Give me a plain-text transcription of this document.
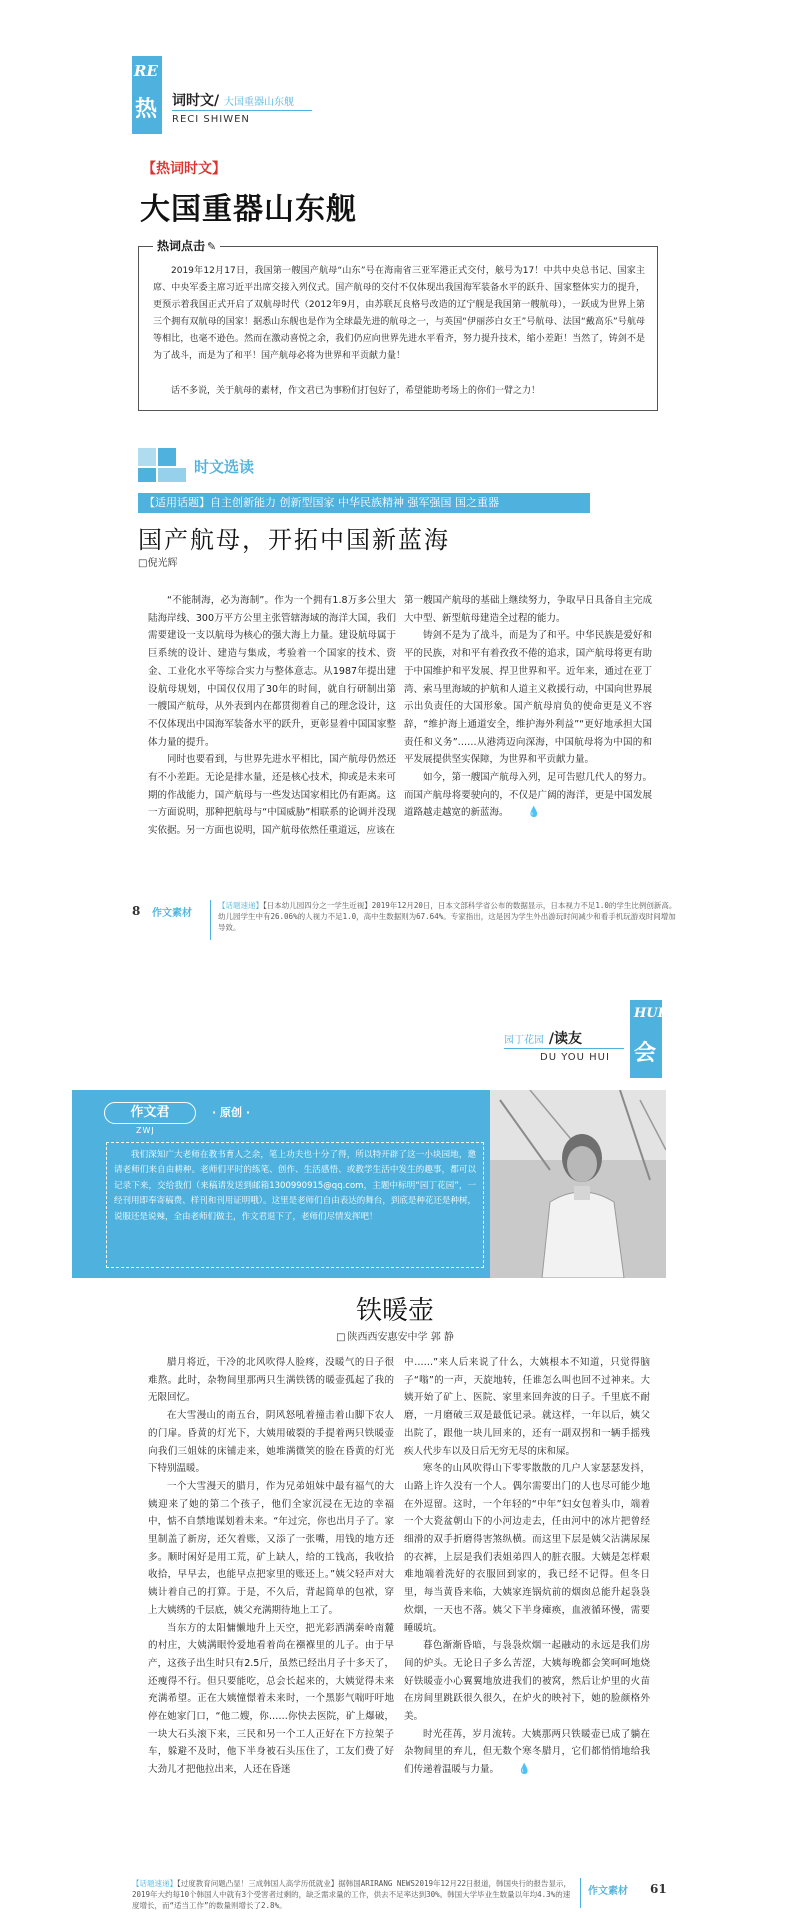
RE
热 词时文/ 大国重器山东舰
RECI SHIWEN
【热词时文】
大国重器山东舰
热词点击 ✎

2019年12月17日，我国第一艘国产航母“山东”号在海南省三亚军港正式交付，舷号为17！中共中央总书记、国家主席、中央军委主席习近平出席交接入列仪式。国产航母的交付不仅体现出我国海军装备水平的跃升、国家整体实力的提升，更预示着我国正式开启了双航母时代（2012年9月，由苏联瓦良格号改造的辽宁舰是我国第一艘航母），一跃成为世界上第三个拥有双航母的国家！据悉山东舰也是作为全球最先进的航母之一，与英国“伊丽莎白女王”号航母、法国“戴高乐”号航母等相比，也毫不逊色。然而在激动喜悦之余，我们仍应向世界先进水平看齐，努力提升技术，缩小差距！当然了，铸剑不是为了战斗，而是为了和平！国产航母必将为世界和平贡献力量！

话不多说，关于航母的素材，作文君已为事粉们打包好了，希望能助考场上的你们一臂之力！

时文选读
【适用话题】自主创新能力 创新型国家 中华民族精神 强军强国 国之重器
国产航母，开拓中国新蓝海
□倪光辉

“不能制海，必为海制”。作为一个拥有1.8万多公里大陆海岸线、300万平方公里主张管辖海域的海洋大国，我们需要建设一支以航母为核心的强大海上力量。建设航母属于巨系统的设计、建造与集成，考验着一个国家的技术、资金、工业化水平等综合实力与整体意志。从1987年提出建设航母规划，中国仅仅用了30年的时间，就自行研制出第一艘国产航母，从外表到内在都贯彻着自己的理念设计，这不仅体现出中国海军装备水平的跃升，更彰显着中国国家整体力量的提升。

同时也要看到，与世界先进水平相比，国产航母仍然还有不小差距。无论是排水量，还是核心技术，抑或是未来可期的作战能力，国产航母与一些发达国家相比仍有距离。这一方面说明，那种把航母与“中国威胁”相联系的论调并没现实依据。另一方面也说明，国产航母依然任重道远，应该在

第一艘国产航母的基础上继续努力，争取早日具备自主完成大中型、新型航母建造全过程的能力。

铸剑不是为了战斗，而是为了和平。中华民族是爱好和平的民族，对和平有着孜孜不倦的追求，国产航母将更有助于中国维护和平发展、捍卫世界和平。近年来，通过在亚丁湾、索马里海域的护航和人道主义救援行动，中国向世界展示出负责任的大国形象。国产航母肩负的使命更是义不容辞，“维护海上通道安全，维护海外利益”“更好地承担大国责任和义务”……从港湾迈向深海，中国航母将为中国的和平发展提供坚实保障，为世界和平贡献力量。

如今，第一艘国产航母入列，足可告慰几代人的努力。而国产航母将要驶向的，不仅是广阔的海洋，更是中国发展道路越走越宽的新蓝海。 💧

8 作文素材
【话题速递】【日本幼儿园四分之一学生近视】2019年12月20日，日本文部科学省公布的数据显示，日本视力不足1.0的学生比例创新高。幼儿园学生中有26.06%的人视力不足1.0，高中生数据则为67.64%。专家指出，这是因为学生外出游玩时间减少和看手机玩游戏时间增加导致。
园丁花园 /读友
DU YOU HUI
HUI
会
作文君
ZWJ
· 原创 ·
我们深知广大老师在教书育人之余，笔上功夫也十分了得，所以特开辟了这一小块园地，邀请老师们来自由耕种。老师们平时的练笔、创作、生活感悟、或教学生活中发生的趣事，都可以记录下来，交给我们（来稿请发送到邮箱1300990915@qq.com，主题中标明“园丁花园”，一经刊用即奉寄稿费、样刊和刊用证明哦）。这里是老师们自由表达的舞台，到底是种花还是种树，说服还是说辣，全由老师们做主，作文君退下了，老师们尽情发挥吧！
铁暖壶
□ 陕西西安惠安中学 郭 静

腊月将近，干冷的北风吹得人脸疼，没暖气的日子很难熬。此时，杂物间里那两只生满铁锈的暖壶孤起了我的无限回忆。

在大雪漫山的南五台，阴风怒吼着撞击着山脚下农人的门扉。昏黄的灯光下，大姨用破裂的手提着两只铁暖壶向我们三姐妹的床铺走来，她堆满微笑的脸在昏黄的灯光下特别温暖。

一个大雪漫天的腊月，作为兄弟姐妹中最有福气的大姨迎来了她的第二个孩子，他们全家沉浸在无边的幸福中，惦不自禁地谋划着未来。“年过完，你也出月子了。家里制盖了新房，还欠着账，又添了一张嘴，用钱的地方还多。顺时闲好是用工荒，矿上缺人，给的工钱高，我收拾收拾，早早去，也能早点把家里的账还上。”姨父轻声对大姨计着自己的打算。于是，不久后，背起简单的包袱，穿上大姨绣的千层底，姨父充满期待地上工了。

当东方的太阳慵懒地升上天空，把光彩洒满秦岭南麓的村庄，大姨满眼怜爱地看着尚在襁褓里的儿子。由于早产，这孩子出生时只有2.5斤，虽然已经出月子十多天了，还瘦得不行。但只要能吃，总会长起来的，大姨觉得未来充满希望。正在大姨憧憬着未来时，一个黑影气喘吁吁地停在她家门口，“他二嫂，你……你快去医院，矿上爆破，一块大石头滚下来，三民和另一个工人正好在下方拉架子车，躲避不及时，他下半身被石头压住了，工友们费了好大劲儿才把他拉出来，人还在昏迷

中……”来人后来说了什么，大姨根本不知道，只觉得脑子“嗡”的一声，天旋地转，任谁怎么叫也回不过神来。大姨开始了矿上、医院、家里来回奔波的日子。千里底不耐磨，一月磨破三双是最低记录。就这样，一年以后，姨父出院了，跟他一块儿回来的，还有一副双拐和一辆手摇残疾人代步车以及日后无穷无尽的床和屎。

寒冬的山风吹得山下零零散散的几户人家瑟瑟发抖，山路上许久没有一个人。偶尔需要出门的人也尽可能少地在外逗留。这时，一个年轻的“中年”妇女包着头巾，端着一个大瓷盆朝山下的小河边走去，任由河中的冰片把曾经细滑的双手折磨得害煞纵横。而这里下层是姨父沾满尿屎的衣裤，上层是我们表姐弟四人的脏衣服。大姨是怎样艰难地端着洗好的衣服回到家的，我已经不记得。但冬日里，每当黄昏来临，大姨家连锅炕前的烟囱总能升起袅袅炊烟，一天也不落。姨父下半身瘫痪，血液循环慢，需要睡暖坑。

暮色渐渐昏暗，与袅袅炊烟一起融动的永远是我们房间的炉头。无论日子多么苦涩，大姨每晚都会笑呵呵地烧好铁暖壶小心翼翼地放进我们的被窝，然后让炉里的火苗在房间里跳跃很久很久，在炉火的映衬下，她的脸颜格外美。

时光荏苒，岁月流转。大姨那两只铁暖壶已成了躺在杂物间里的弃儿，但无数个寒冬腊月，它们都悄悄地给我们传递着温暖与力量。 💧

【话题速递】【过度教育问题凸显！三成韩国人高学历低就业】据韩国ARIRANG NEWS2019年12月22日报道，韩国央行的报告显示，2019年大约每10个韩国人中就有3个受害者过剩的，缺乏需求量的工作，供去不足率达到30%。韩国大学毕业生数量以年均4.3%的速度增长，而“适当工作”的数量则增长了2.8%。
作文素材 61
